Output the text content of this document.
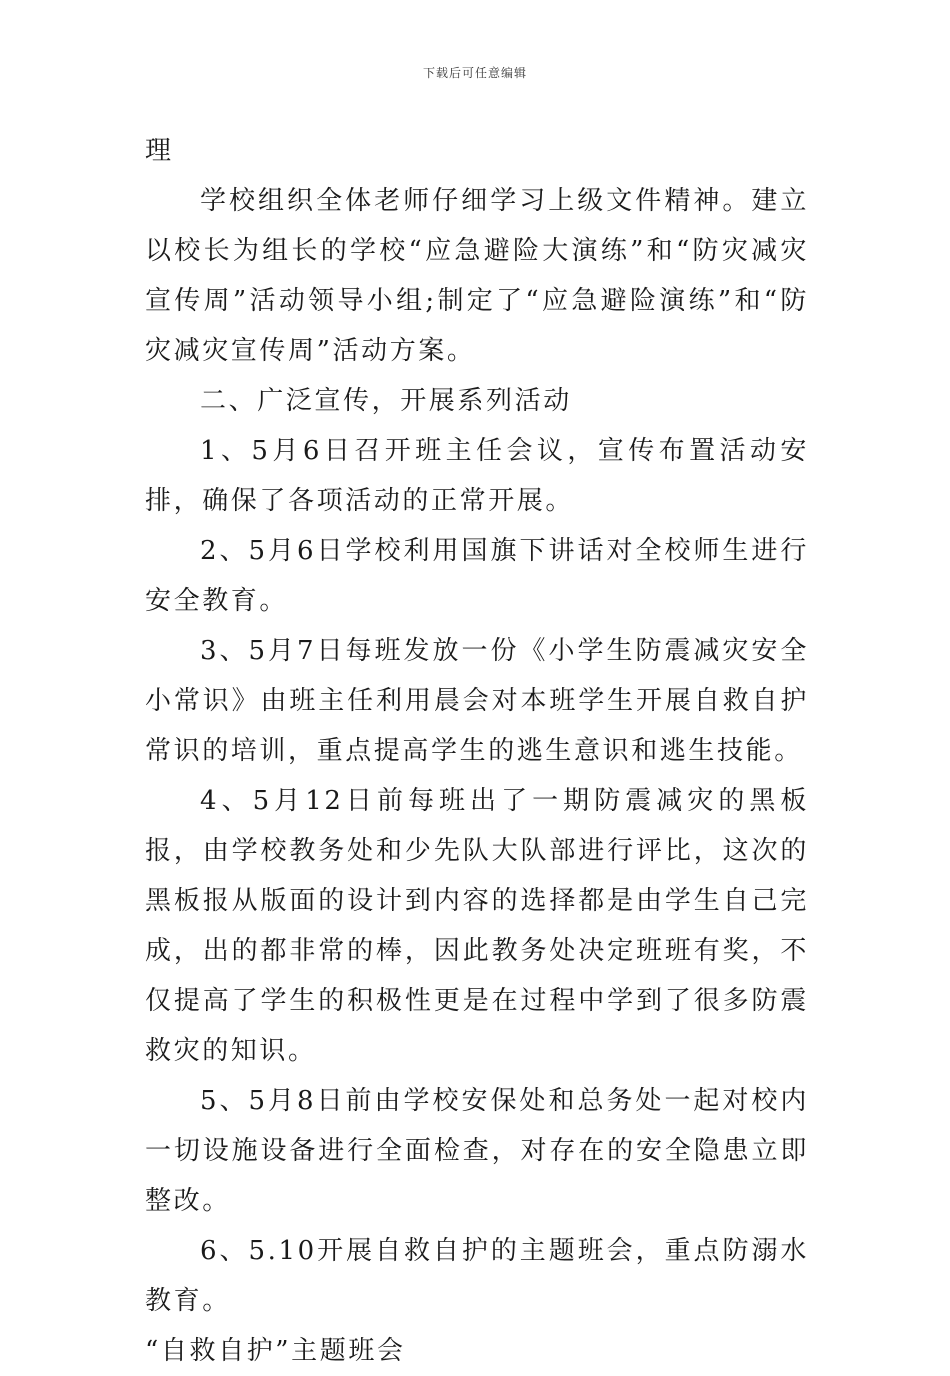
下载后可任意编辑

理

学校组织全体老师仔细学习上级文件精神。建立以校长为组长的学校“应急避险大演练”和“防灾减灾宣传周”活动领导小组;制定了“应急避险演练”和“防灾减灾宣传周”活动方案。

二、广泛宣传，开展系列活动

1、5月6日召开班主任会议，宣传布置活动安排，确保了各项活动的正常开展。

2、5月6日学校利用国旗下讲话对全校师生进行安全教育。

3、5月7日每班发放一份《小学生防震减灾安全小常识》由班主任利用晨会对本班学生开展自救自护常识的培训，重点提高学生的逃生意识和逃生技能。

4、5月12日前每班出了一期防震减灾的黑板报，由学校教务处和少先队大队部进行评比，这次的黑板报从版面的设计到内容的选择都是由学生自己完成，出的都非常的棒，因此教务处决定班班有奖，不仅提高了学生的积极性更是在过程中学到了很多防震救灾的知识。

5、5月8日前由学校安保处和总务处一起对校内一切设施设备进行全面检查，对存在的安全隐患立即整改。

6、5.10开展自救自护的主题班会，重点防溺水教育。

“自救自护”主题班会
